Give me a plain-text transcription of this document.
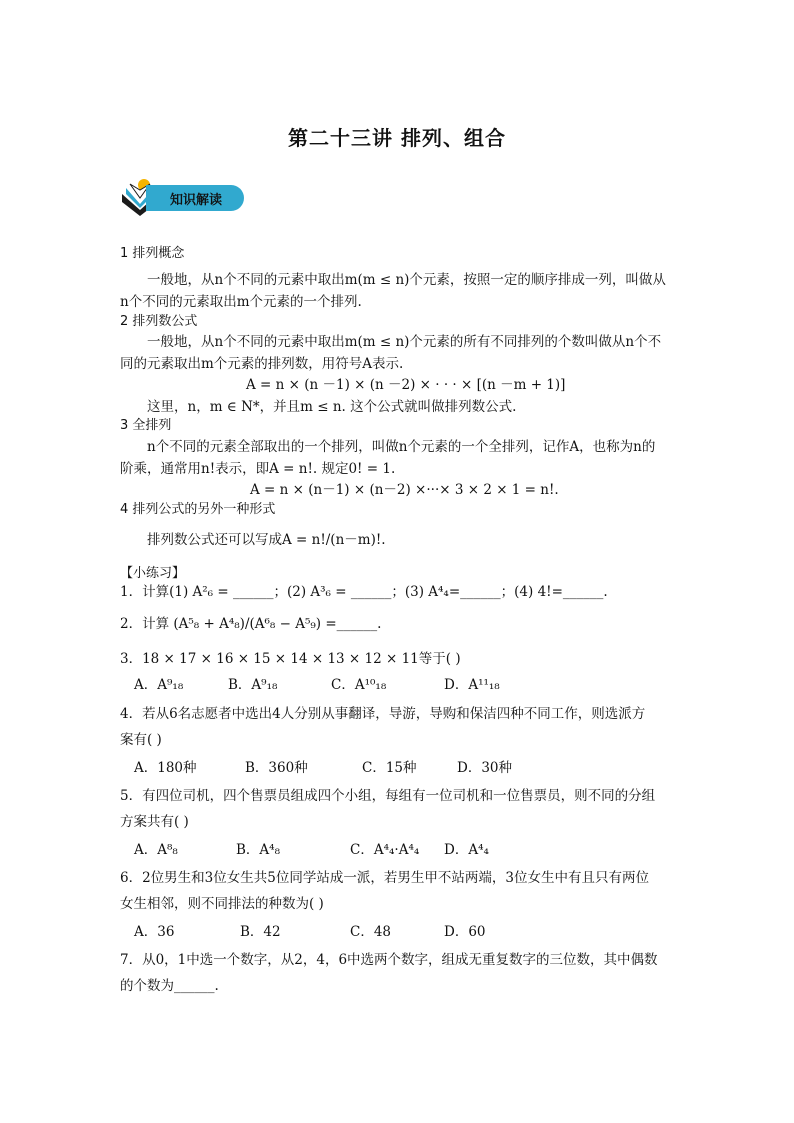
第二十三讲 排列、组合
知识解读
1 排列概念
一般地，从n个不同的元素中取出m(m ≤ n)个元素，按照一定的顺序排成一列，叫做从
n个不同的元素取出m个元素的一个排列.
2 排列数公式
一般地，从n个不同的元素中取出m(m ≤ n)个元素的所有不同排列的个数叫做从n个不
同的元素取出m个元素的排列数，用符号A表示.
A = n × (n －1) × (n －2) × · · · × [(n －m + 1)]
这里，n，m ∈ N*，并且m ≤ n. 这个公式就叫做排列数公式.
3 全排列
n个不同的元素全部取出的一个排列，叫做n个元素的一个全排列，记作A，也称为n的
阶乘，通常用n!表示，即A = n!. 规定0! = 1.
A = n × (n－1) × (n－2) ×···× 3 × 2 × 1 = n!.
4 排列公式的另外一种形式
排列数公式还可以写成A = n!/(n－m)!.
【小练习】
1．计算(1) A²₆ = ______；(2) A³₆ = ______；(3) A⁴₄=______；(4) 4!=______.
2．计算 (A⁵₈ + A⁴₈)/(A⁶₈ − A⁵₉) =______.
3．18 × 17 × 16 × 15 × 14 × 13 × 12 × 11等于( )
A．A⁹₁₈	B．A⁹₁₈	C．A¹⁰₁₈	D．A¹¹₁₈
4．若从6名志愿者中选出4人分别从事翻译，导游，导购和保洁四种不同工作，则选派方
案有( )
A．180种	B．360种	C．15种	D．30种
5．有四位司机，四个售票员组成四个小组，每组有一位司机和一位售票员，则不同的分组
方案共有( )
A．A⁸₈	B．A⁴₈	C．A⁴₄·A⁴₄ D．A⁴₄
6．2位男生和3位女生共5位同学站成一派，若男生甲不站两端，3位女生中有且只有两位
女生相邻，则不同排法的种数为( )
A．36	B．42	C．48	D．60
7．从0，1中选一个数字，从2，4，6中选两个数字，组成无重复数字的三位数，其中偶数
的个数为______.
